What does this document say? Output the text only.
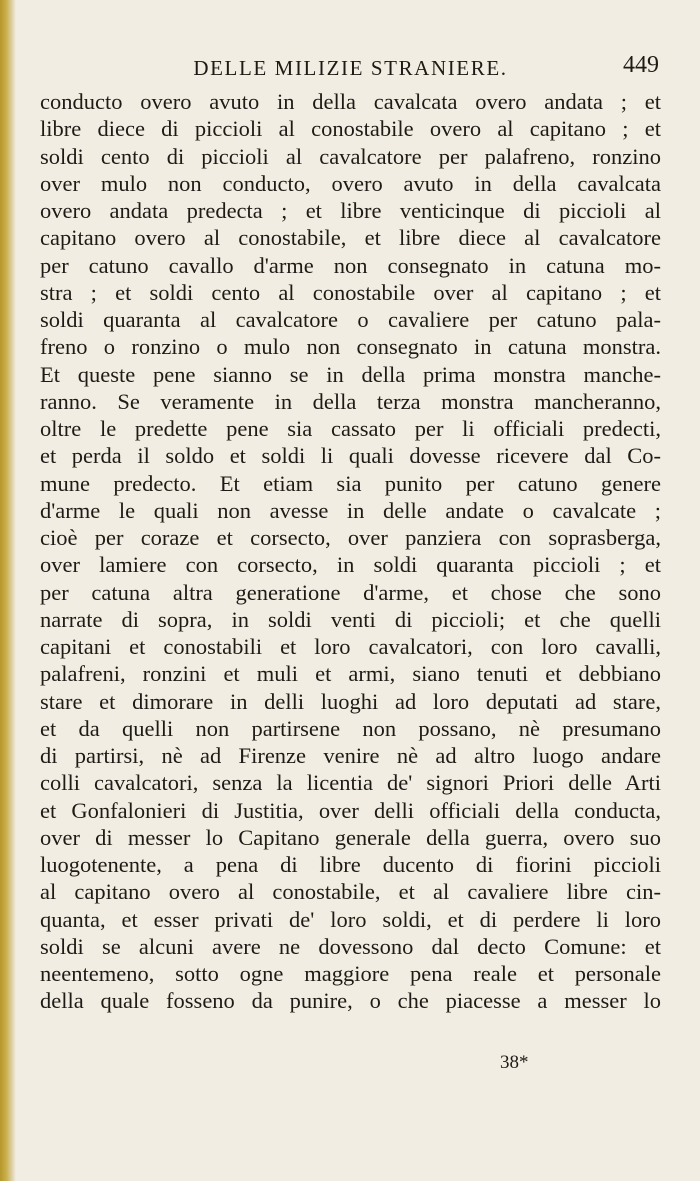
DELLE MILIZIE STRANIERE.	449
conducto overo avuto in della cavalcata overo andata ; et
libre diece di piccioli al conostabile overo al capitano ; et
soldi cento di piccioli al cavalcatore per palafreno, ronzino
over mulo non conducto, overo avuto in della cavalcata
overo andata predecta ; et libre venticinque di piccioli al
capitano overo al conostabile, et libre diece al cavalcatore
per catuno cavallo d'arme non consegnato in catuna mo-
stra ; et soldi cento al conostabile over al capitano ; et
soldi quaranta al cavalcatore o cavaliere per catuno pala-
freno o ronzino o mulo non consegnato in catuna monstra.
Et queste pene sianno se in della prima monstra manche-
ranno. Se veramente in della terza monstra mancheranno,
oltre le predette pene sia cassato per li officiali predecti,
et perda il soldo et soldi li quali dovesse ricevere dal Co-
mune predecto. Et etiam sia punito per catuno genere
d'arme le quali non avesse in delle andate o cavalcate ;
cioè per coraze et corsecto, over panziera con soprasberga,
over lamiere con corsecto, in soldi quaranta piccioli ; et
per catuna altra generatione d'arme, et chose che sono
narrate di sopra, in soldi venti di piccioli; et che quelli
capitani et conostabili et loro cavalcatori, con loro cavalli,
palafreni, ronzini et muli et armi, siano tenuti et debbiano
stare et dimorare in delli luoghi ad loro deputati ad stare,
et da quelli non partirsene non possano, nè presumano
di partirsi, nè ad Firenze venire nè ad altro luogo andare
colli cavalcatori, senza la licentia de' signori Priori delle Arti
et Gonfalonieri di Justitia, over delli officiali della conducta,
over di messer lo Capitano generale della guerra, overo suo
luogotenente, a pena di libre ducento di fiorini piccioli
al capitano overo al conostabile, et al cavaliere libre cin-
quanta, et esser privati de' loro soldi, et di perdere li loro
soldi se alcuni avere ne dovessono dal decto Comune: et
neentemeno, sotto ogne maggiore pena reale et personale
della quale fosseno da punire, o che piacesse a messer lo
38*
